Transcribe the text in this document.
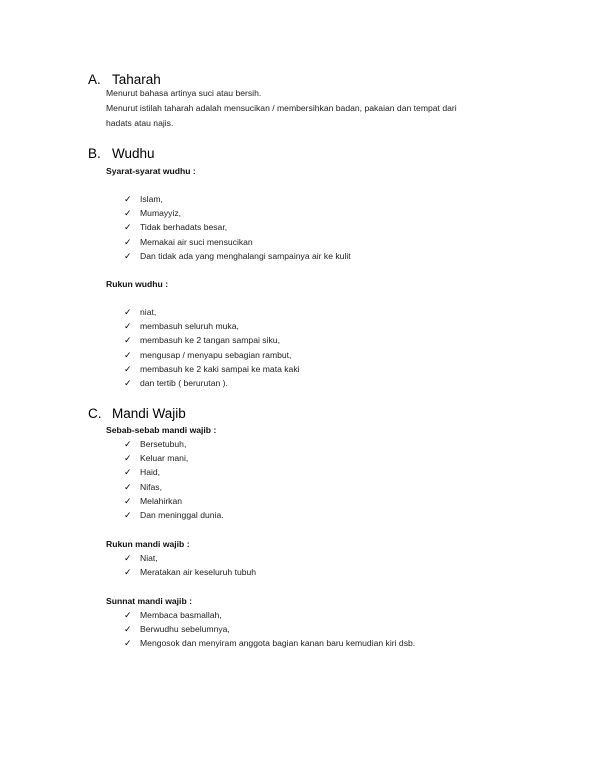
A. Taharah
Menurut bahasa artinya suci atau bersih.
Menurut istilah taharah adalah mensucikan / membersihkan badan, pakaian dan tempat dari
hadats atau najis.
B. Wudhu
Syarat-syarat wudhu :
✓ Islam,
✓ Mumayyiz,
✓ Tidak berhadats besar,
✓ Memakai air suci mensucikan
✓ Dan tidak ada yang menghalangi sampainya air ke kulit
Rukun wudhu :
✓ niat,
✓ membasuh seluruh muka,
✓ membasuh ke 2 tangan sampai siku,
✓ mengusap / menyapu sebagian rambut,
✓ membasuh ke 2 kaki sampai ke mata kaki
✓ dan tertib ( berurutan ).
C. Mandi Wajib
Sebab-sebab mandi wajib :
✓ Bersetubuh,
✓ Keluar mani,
✓ Haid,
✓ Nifas,
✓ Melahirkan
✓ Dan meninggal dunia.
Rukun mandi wajib :
✓ Niat,
✓ Meratakan air keseluruh tubuh
Sunnat mandi wajib :
✓ Membaca basmallah,
✓ Berwudhu sebelumnya,
✓ Mengosok dan menyiram anggota bagian kanan baru kemudian kiri dsb.
